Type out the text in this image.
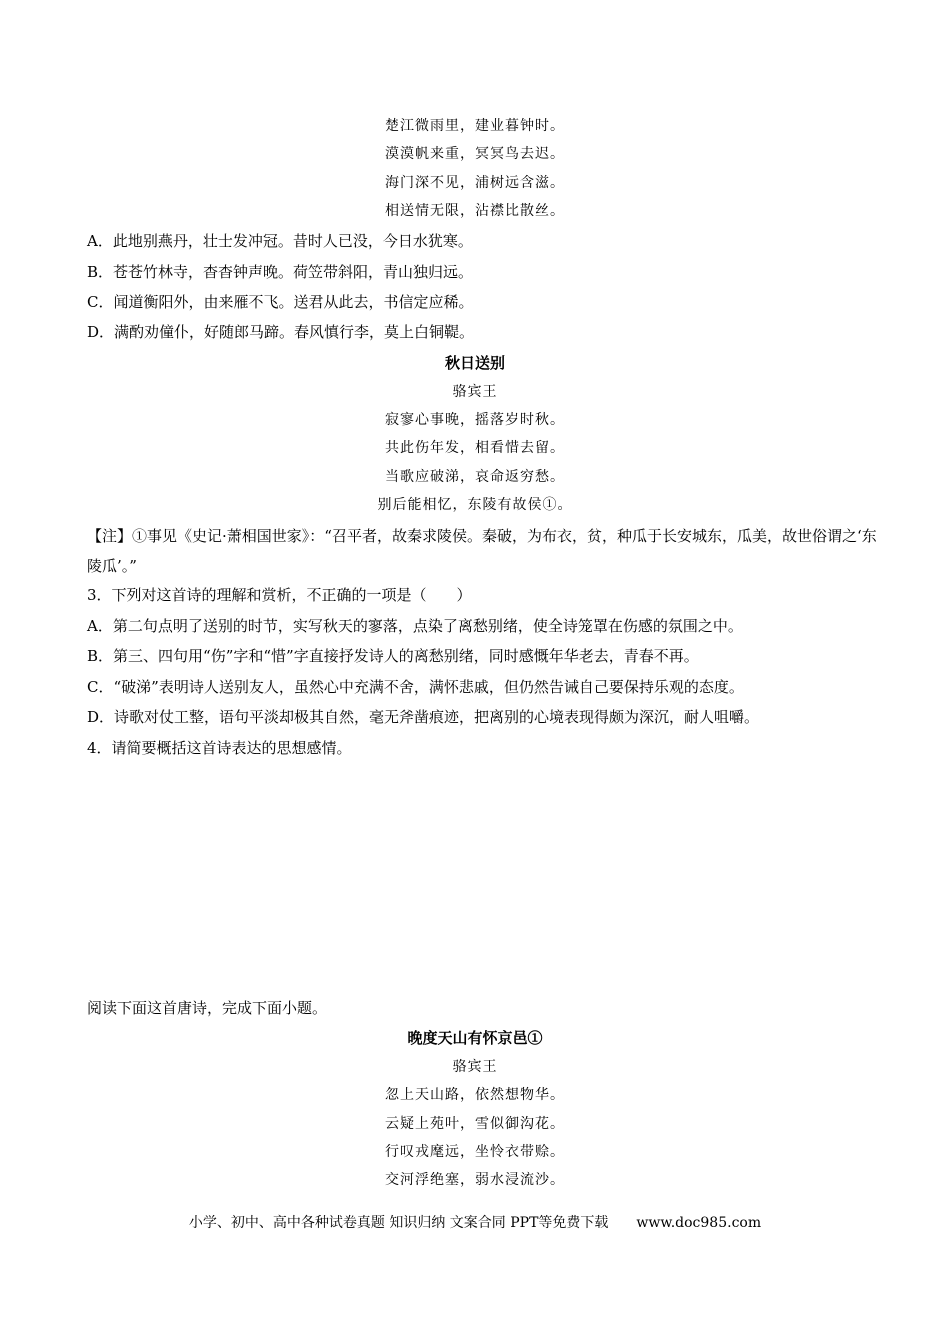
楚江微雨里，建业暮钟时。
漠漠帆来重，冥冥鸟去迟。
海门深不见，浦树远含滋。
相送情无限，沾襟比散丝。
A．此地别燕丹，壮士发冲冠。昔时人已没，今日水犹寒。
B．苍苍竹林寺，杳杳钟声晚。荷笠带斜阳，青山独归远。
C．闻道衡阳外，由来雁不飞。送君从此去，书信定应稀。
D．满酌劝僮仆，好随郎马蹄。春风慎行李，莫上白铜鞮。
秋日送别
骆宾王
寂寥心事晚，摇落岁时秋。
共此伤年发，相看惜去留。
当歌应破涕，哀命返穷愁。
别后能相忆，东陵有故侯①。
【注】①事见《史记·萧相国世家》：“召平者，故秦求陵侯。秦破，为布衣，贫，种瓜于长安城东，瓜美，故世俗谓之‘东陵瓜’。”
3．下列对这首诗的理解和赏析，不正确的一项是（　　）
A．第二句点明了送别的时节，实写秋天的寥落，点染了离愁别绪，使全诗笼罩在伤感的氛围之中。
B．第三、四句用“伤”字和“惜”字直接抒发诗人的离愁别绪，同时感慨年华老去，青春不再。
C．“破涕”表明诗人送别友人，虽然心中充满不舍，满怀悲戚，但仍然告诫自己要保持乐观的态度。
D．诗歌对仗工整，语句平淡却极其自然，毫无斧凿痕迹，把离别的心境表现得颇为深沉，耐人咀嚼。
4．请简要概括这首诗表达的思想感情。
阅读下面这首唐诗，完成下面小题。
晚度天山有怀京邑①
骆宾王
忽上天山路，依然想物华。
云疑上苑叶，雪似御沟花。
行叹戎麾远，坐怜衣带赊。
交河浮绝塞，弱水浸流沙。
小学、初中、高中各种试卷真题 知识归纳 文案合同 PPT等免费下载 www.doc985.com
